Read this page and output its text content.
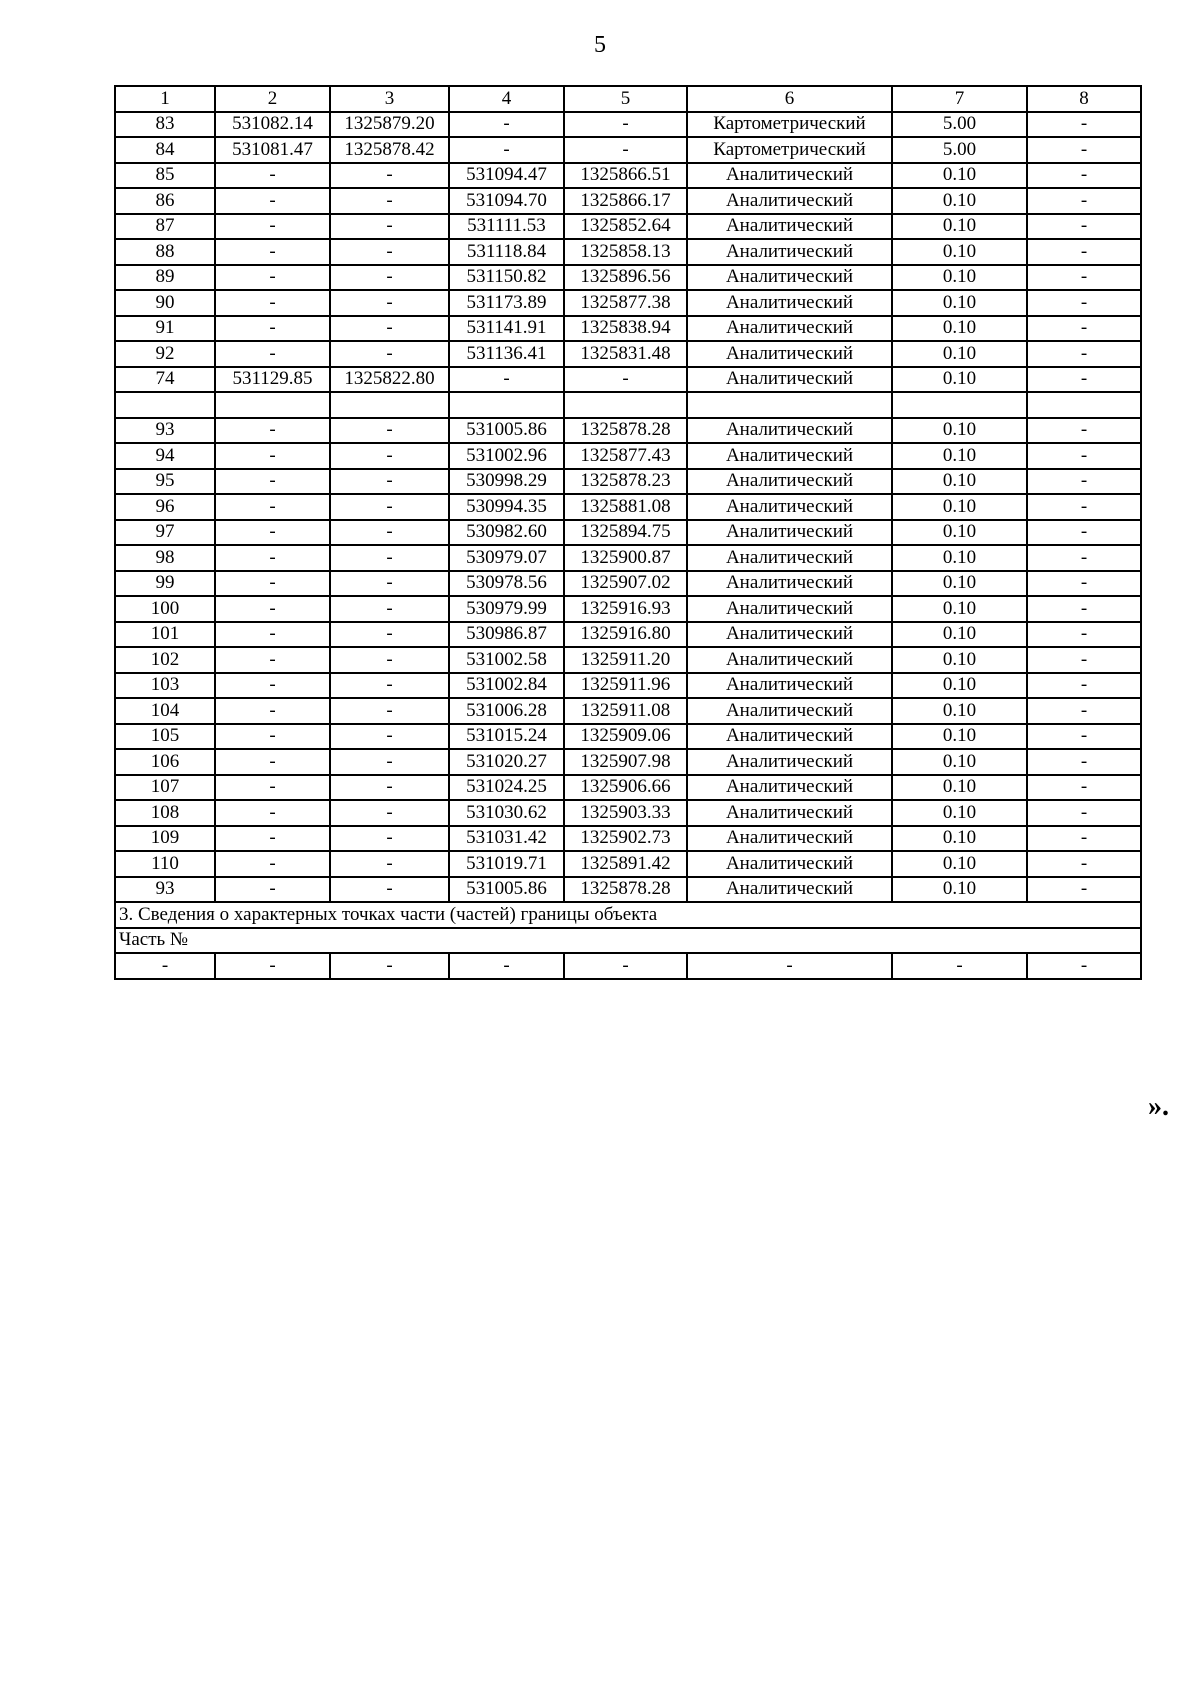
5
1	2	3	4	5	6	7	8
83	531082.14	1325879.20	-	-	Картометрический	5.00	-
84	531081.47	1325878.42	-	-	Картометрический	5.00	-
85	-	-	531094.47	1325866.51	Аналитический	0.10	-
86	-	-	531094.70	1325866.17	Аналитический	0.10	-
87	-	-	531111.53	1325852.64	Аналитический	0.10	-
88	-	-	531118.84	1325858.13	Аналитический	0.10	-
89	-	-	531150.82	1325896.56	Аналитический	0.10	-
90	-	-	531173.89	1325877.38	Аналитический	0.10	-
91	-	-	531141.91	1325838.94	Аналитический	0.10	-
92	-	-	531136.41	1325831.48	Аналитический	0.10	-
74	531129.85	1325822.80	-	-	Аналитический	0.10	-

93	-	-	531005.86	1325878.28	Аналитический	0.10	-
94	-	-	531002.96	1325877.43	Аналитический	0.10	-
95	-	-	530998.29	1325878.23	Аналитический	0.10	-
96	-	-	530994.35	1325881.08	Аналитический	0.10	-
97	-	-	530982.60	1325894.75	Аналитический	0.10	-
98	-	-	530979.07	1325900.87	Аналитический	0.10	-
99	-	-	530978.56	1325907.02	Аналитический	0.10	-
100	-	-	530979.99	1325916.93	Аналитический	0.10	-
101	-	-	530986.87	1325916.80	Аналитический	0.10	-
102	-	-	531002.58	1325911.20	Аналитический	0.10	-
103	-	-	531002.84	1325911.96	Аналитический	0.10	-
104	-	-	531006.28	1325911.08	Аналитический	0.10	-
105	-	-	531015.24	1325909.06	Аналитический	0.10	-
106	-	-	531020.27	1325907.98	Аналитический	0.10	-
107	-	-	531024.25	1325906.66	Аналитический	0.10	-
108	-	-	531030.62	1325903.33	Аналитический	0.10	-
109	-	-	531031.42	1325902.73	Аналитический	0.10	-
110	-	-	531019.71	1325891.42	Аналитический	0.10	-
93	-	-	531005.86	1325878.28	Аналитический	0.10	-
3. Сведения о характерных точках части (частей) границы объекта							
Часть №							
-	-	-	-	-	-	-	-
».
